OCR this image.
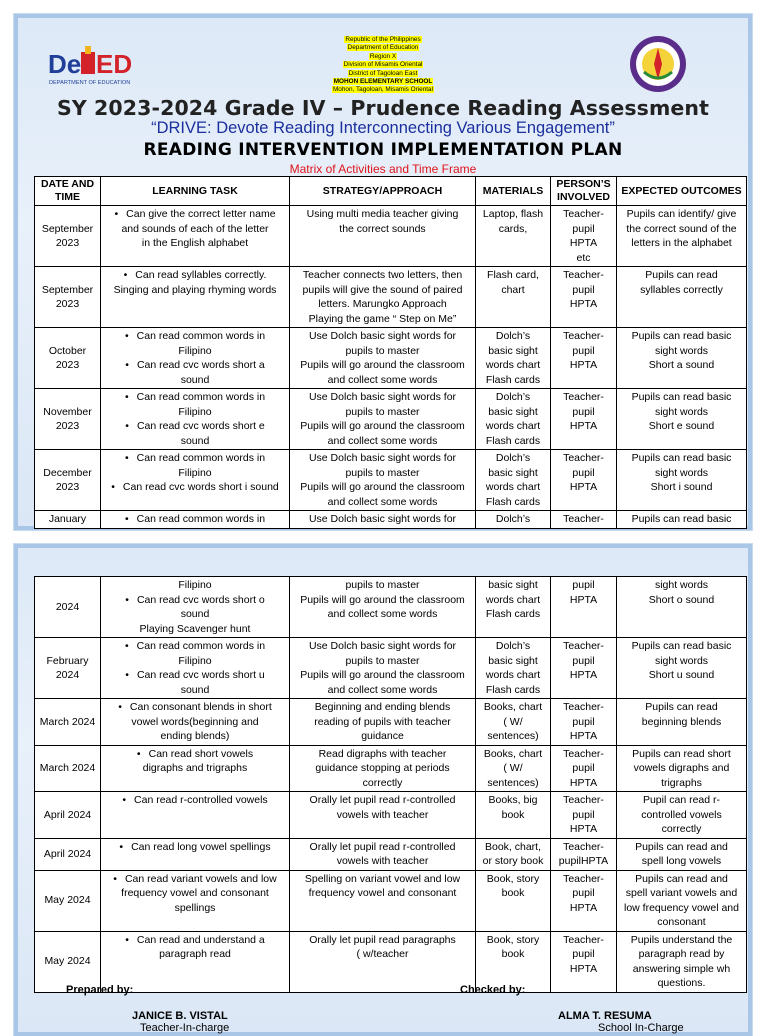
De ED
DEPARTMENT OF EDUCATION
Republic of the Philippines
Department of Education
Region X
Division of Misamis Oriental
District of Tagoloan East
MOHON ELEMENTARY SCHOOL
Mohon, Tagoloan, Misamis Oriental
SY 2023-2024 Grade IV – Prudence Reading Assessment
“DRIVE: Devote Reading Interconnecting Various Engagement”
READING INTERVENTION IMPLEMENTATION PLAN
Matrix of Activities and Time Frame
DATE AND TIME	LEARNING TASK	STRATEGY/APPROACH	MATERIALS	PERSON’S INVOLVED	EXPECTED OUTCOMES
September 2023	• Can give the correct letter name
and sounds of each of the letter
in the English alphabet	Using multi media teacher giving
the correct sounds	Laptop, flash
cards,	Teacher-
pupil
HPTA
etc	Pupils can identify/ give
the correct sound of the
letters in the alphabet

September 2023	• Can read syllables correctly.
Singing and playing rhyming words	Teacher connects two letters, then
pupils will give the sound of paired
letters. Marungko Approach
Playing the game “ Step on Me”	Flash card,
chart	Teacher-
pupil
HPTA	Pupils can read
syllables correctly

October 2023	• Can read common words in
Filipino
• Can read cvc words short a
sound	Use Dolch basic sight words for
pupils to master
Pupils will go around the classroom
and collect some words	Dolch’s
basic sight
words chart
Flash cards	Teacher-
pupil
HPTA	Pupils can read basic
sight words
Short a sound

November 2023	• Can read common words in
Filipino
• Can read cvc words short e
sound	Use Dolch basic sight words for
pupils to master
Pupils will go around the classroom
and collect some words	Dolch’s
basic sight
words chart
Flash cards	Teacher-
pupil
HPTA	Pupils can read basic
sight words
Short e sound

December 2023	• Can read common words in
Filipino
• Can read cvc words short i sound	Use Dolch basic sight words for
pupils to master
Pupils will go around the classroom
and collect some words	Dolch’s
basic sight
words chart
Flash cards	Teacher-
pupil
HPTA	Pupils can read basic
sight words
Short i sound

January	• Can read common words in	Use Dolch basic sight words for	Dolch’s	Teacher-	Pupils can read basic
2024	Filipino
• Can read cvc words short o
sound
Playing Scavenger hunt	pupils to master
Pupils will go around the classroom
and collect some words	basic sight
words chart
Flash cards	pupil
HPTA	sight words
Short o sound

February 2024	• Can read common words in
Filipino
• Can read cvc words short u
sound	Use Dolch basic sight words for
pupils to master
Pupils will go around the classroom
and collect some words	Dolch’s
basic sight
words chart
Flash cards	Teacher-
pupil
HPTA	Pupils can read basic
sight words
Short u sound

March 2024	• Can consonant blends in short
vowel words(beginning and
ending blends)	Beginning and ending blends
reading of pupils with teacher
guidance	Books, chart
( W/
sentences)	Teacher-
pupil
HPTA	Pupils can read
beginning blends

March 2024	• Can read short vowels
digraphs and trigraphs	Read digraphs with teacher
guidance stopping at periods
correctly	Books, chart
( W/
sentences)	Teacher-
pupil
HPTA	Pupils can read short
vowels digraphs and
trigraphs

April 2024	• Can read r-controlled vowels	Orally let pupil read r-controlled
vowels with teacher	Books, big
book	Teacher-
pupil
HPTA	Pupil can read r-
controlled vowels
correctly

April 2024	• Can read long vowel spellings	Orally let pupil read r-controlled
vowels with teacher	Book, chart,
or story book	Teacher-
pupilHPTA	Pupils can read and
spell long vowels

May 2024	• Can read variant vowels and low
frequency vowel and consonant
spellings	Spelling on variant vowel and low
frequency vowel and consonant	Book, story
book	Teacher-
pupil
HPTA	Pupils can read and
spell variant vowels and
low frequency vowel and
consonant

May 2024	• Can read and understand a
paragraph read	Orally let pupil read paragraphs
( w/teacher	Book, story
book	Teacher-
pupil
HPTA	Pupils understand the
paragraph read by
answering simple wh
questions.
Prepared by:	Checked by:
JANICE B. VISTAL	ALMA T. RESUMA
Teacher-In-charge	School In-Charge
